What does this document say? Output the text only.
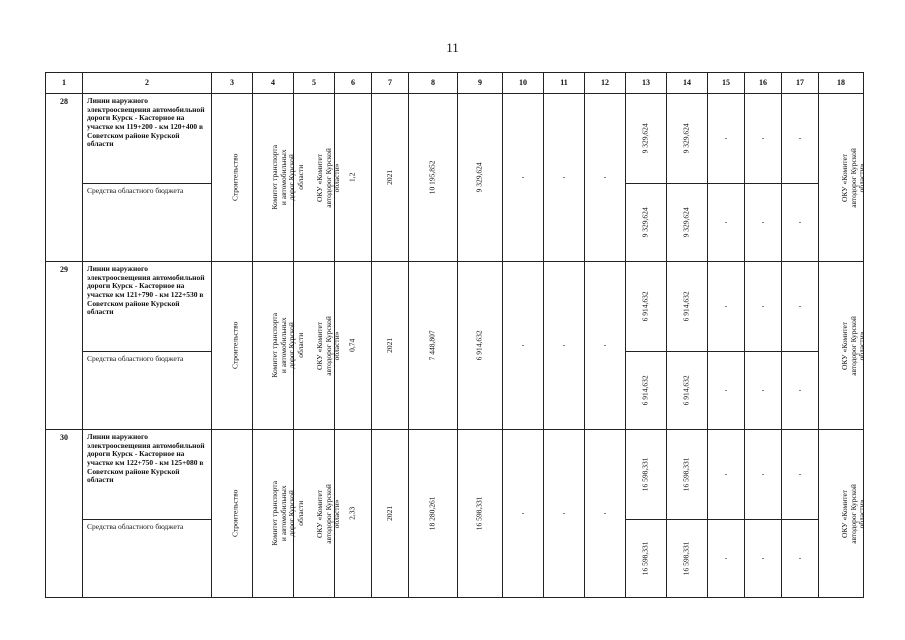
11
1	2	3	4	5	6	7	8	9	10	11	12	13	14	15	16	17	18
28	Линии наружного электроосвещения автомобильной дороги Курск - Касторное на участке км 119+200 - км 120+400 в Советском районе Курской области	Строительство	Комитет транспорта и автомобильных дорог Курской области	ОКУ «Комитет автодорог Курской области»	1,2	2021	10 195,852	9 329,624	-	-	-	9 329,624	9 329,624	-	-	-	ОКУ «Комитет автодорог Курской области»
	Средства областного бюджета											9 329,624	9 329,624	-	-	-	
29	Линии наружного электроосвещения автомобильной дороги Курск - Касторное на участке км 121+790 - км 122+530 в Советском районе Курской области	Строительство	Комитет транспорта и автомобильных дорог Курской области	ОКУ «Комитет автодорог Курской области»	0,74	2021	7 448,807	6 914,632	-	-	-	6 914,632	6 914,632	-	-	-	ОКУ «Комитет автодорог Курской области»
	Средства областного бюджета											6 914,632	6 914,632	-	-	-	
30	Линии наружного электроосвещения автомобильной дороги Курск - Касторное на участке км 122+750 - км 125+080 в Советском районе Курской области	Строительство	Комитет транспорта и автомобильных дорог Курской области	ОКУ «Комитет автодорог Курской области»	2,33	2021	18 280,261	16 598,331	-	-	-	16 598,331	16 598,331	-	-	-	ОКУ «Комитет автодорог Курской области»
	Средства областного бюджета											16 598,331	16 598,331	-	-	-	
